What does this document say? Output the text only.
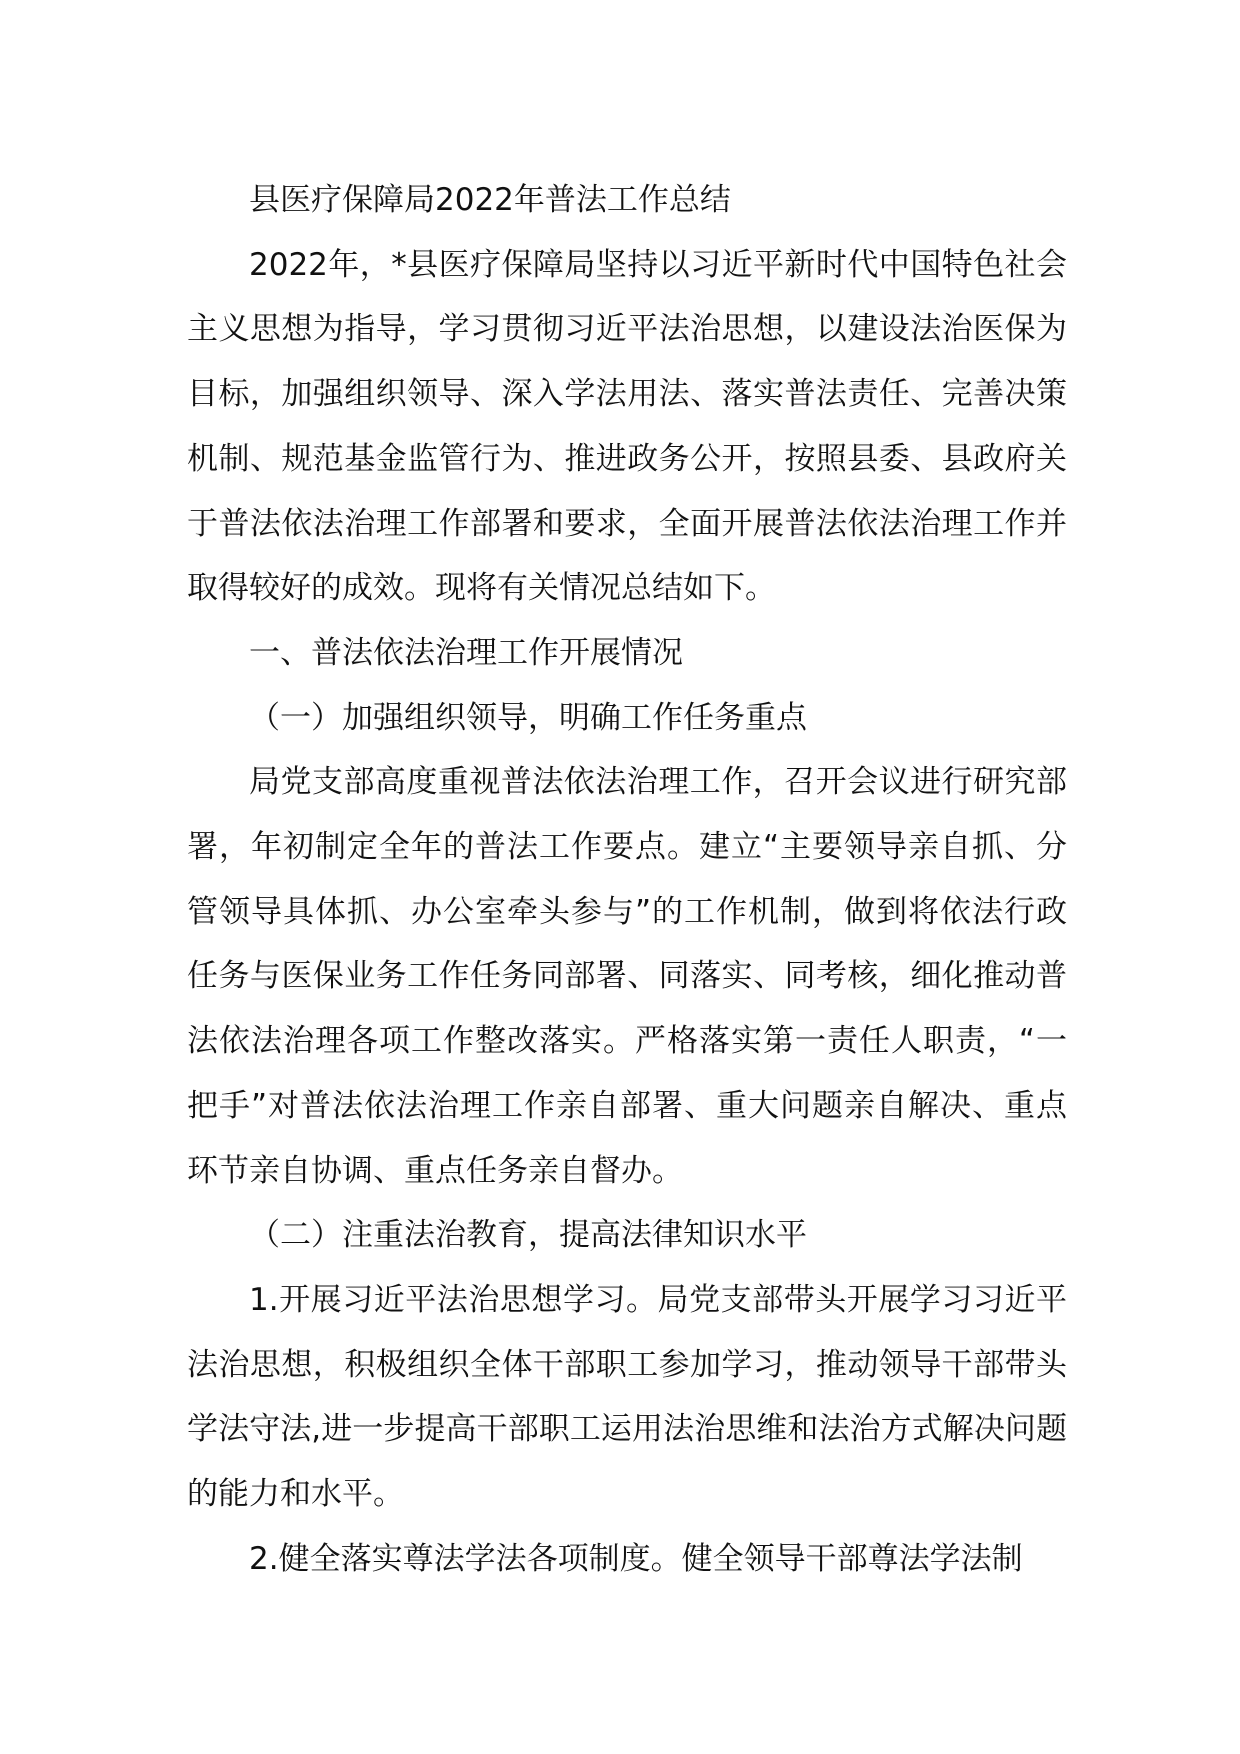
县医疗保障局2022年普法工作总结

2022年，*县医疗保障局坚持以习近平新时代中国特色社会主义思想为指导，学习贯彻习近平法治思想，以建设法治医保为目标，加强组织领导、深入学法用法、落实普法责任、完善决策机制、规范基金监管行为、推进政务公开，按照县委、县政府关于普法依法治理工作部署和要求，全面开展普法依法治理工作并取得较好的成效。现将有关情况总结如下。

一、普法依法治理工作开展情况

（一）加强组织领导，明确工作任务重点

局党支部高度重视普法依法治理工作，召开会议进行研究部署，年初制定全年的普法工作要点。建立“主要领导亲自抓、分管领导具体抓、办公室牵头参与”的工作机制，做到将依法行政任务与医保业务工作任务同部署、同落实、同考核，细化推动普法依法治理各项工作整改落实。严格落实第一责任人职责，“一把手”对普法依法治理工作亲自部署、重大问题亲自解决、重点环节亲自协调、重点任务亲自督办。

（二）注重法治教育，提高法律知识水平

1.开展习近平法治思想学习。局党支部带头开展学习习近平法治思想，积极组织全体干部职工参加学习，推动领导干部带头学法守法,进一步提高干部职工运用法治思维和法治方式解决问题的能力和水平。

2.健全落实尊法学法各项制度。健全领导干部尊法学法制
